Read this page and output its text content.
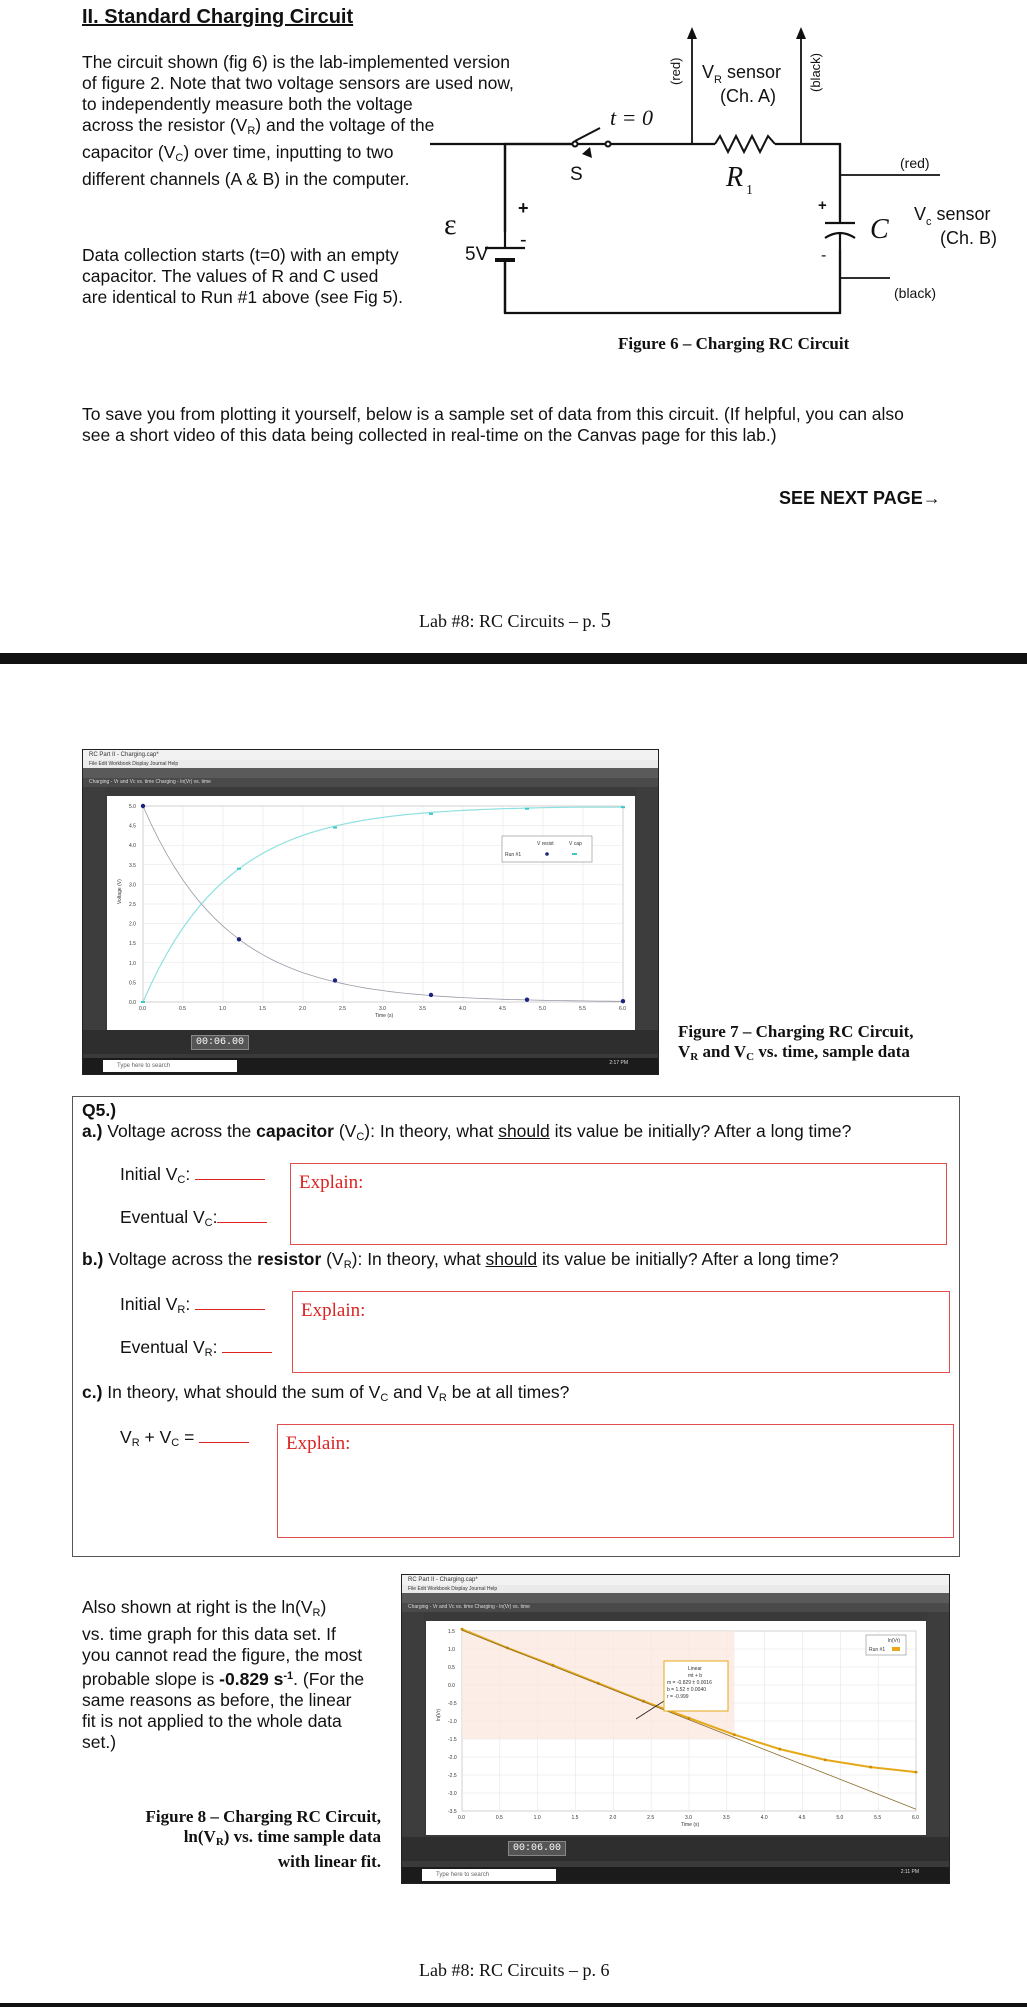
II. Standard Charging Circuit
The circuit shown (fig 6) is the lab-implemented version
of figure 2. Note that two voltage sensors are used now,
to independently measure both the voltage
across the resistor (VR) and the voltage of the
capacitor (VC) over time, inputting to two
different channels (A & B) in the computer.
Data collection starts (t=0) with an empty
capacitor. The values of R and C used
are identical to Run #1 above (see Fig 5).
ε
5V
+
-
S
t = 0
R 1
C
+
-
(red)	(black)
$V_R$ sensor
(Ch. A)
(red)
$V_c$ sensor
(Ch. B)
(black)
Figure 6 – Charging RC Circuit
To save you from plotting it yourself, below is a sample set of data from this circuit. (If helpful, you can also
see a short video of this data being collected in real-time on the Canvas page for this lab.)
SEE NEXT PAGE→
Lab #8: RC Circuits – p. 5
RC Part II - Charging.cap*
File Edit Workbook Display Journal Help
Charging - Vr and Vc vs. time Charging - ln(Vr) vs. time
0.0	0.5	1.0	1.5	2.0	2.5	3.0	3.5	4.0	4.5	5.0	5.5	6.0
5.0
4.5
4.0
3.5
3.0
2.5
2.0
1.5
1.0
0.5
0.0
Time (s)
Voltage (V)
V resist	V cap
Run #1
00:06.00
Type here to search	2:17 PM
Figure 7 – Charging RC Circuit,
VR and VC vs. time, sample data
Q5.)
a.) Voltage across the capacitor (VC): In theory, what should its value be initially? After a long time?
Initial VC:
Eventual VC:
Explain:
b.) Voltage across the resistor (VR): In theory, what should its value be initially? After a long time?
Initial VR:
Eventual VR:
Explain:
c.) In theory, what should the sum of VC and VR be at all times?
VR + VC =	Explain:
Also shown at right is the ln(VR)
vs. time graph for this data set. If
you cannot read the figure, the most
probable slope is -0.829 $s^{-1}$. (For the
same reasons as before, the linear
fit is not applied to the whole data
set.)
Figure 8 – Charging RC Circuit,
ln(VR) vs. time sample data
with linear fit.
RC Part II - Charging.cap*
File Edit Workbook Display Journal Help
Charging - Vr and Vc vs. time Charging - ln(Vr) vs. time
0.0	0.5	1.0	1.5	2.0	2.5	3.0	3.5	4.0	4.5	5.0	5.5	6.0
1.5
1.0
0.5
0.0
-0.5
-1.0
-1.5
-2.0
-2.5
-3.0
-3.5
Time (s)
ln(Vr)
Linear
mt + b
m = -0.829 ± 0.0016
b = 1.52 ± 0.0040
r = -0.999
ln(Vr)
Run #1
00:06.00
Type here to search	2:11 PM
Lab #8: RC Circuits – p. 6
